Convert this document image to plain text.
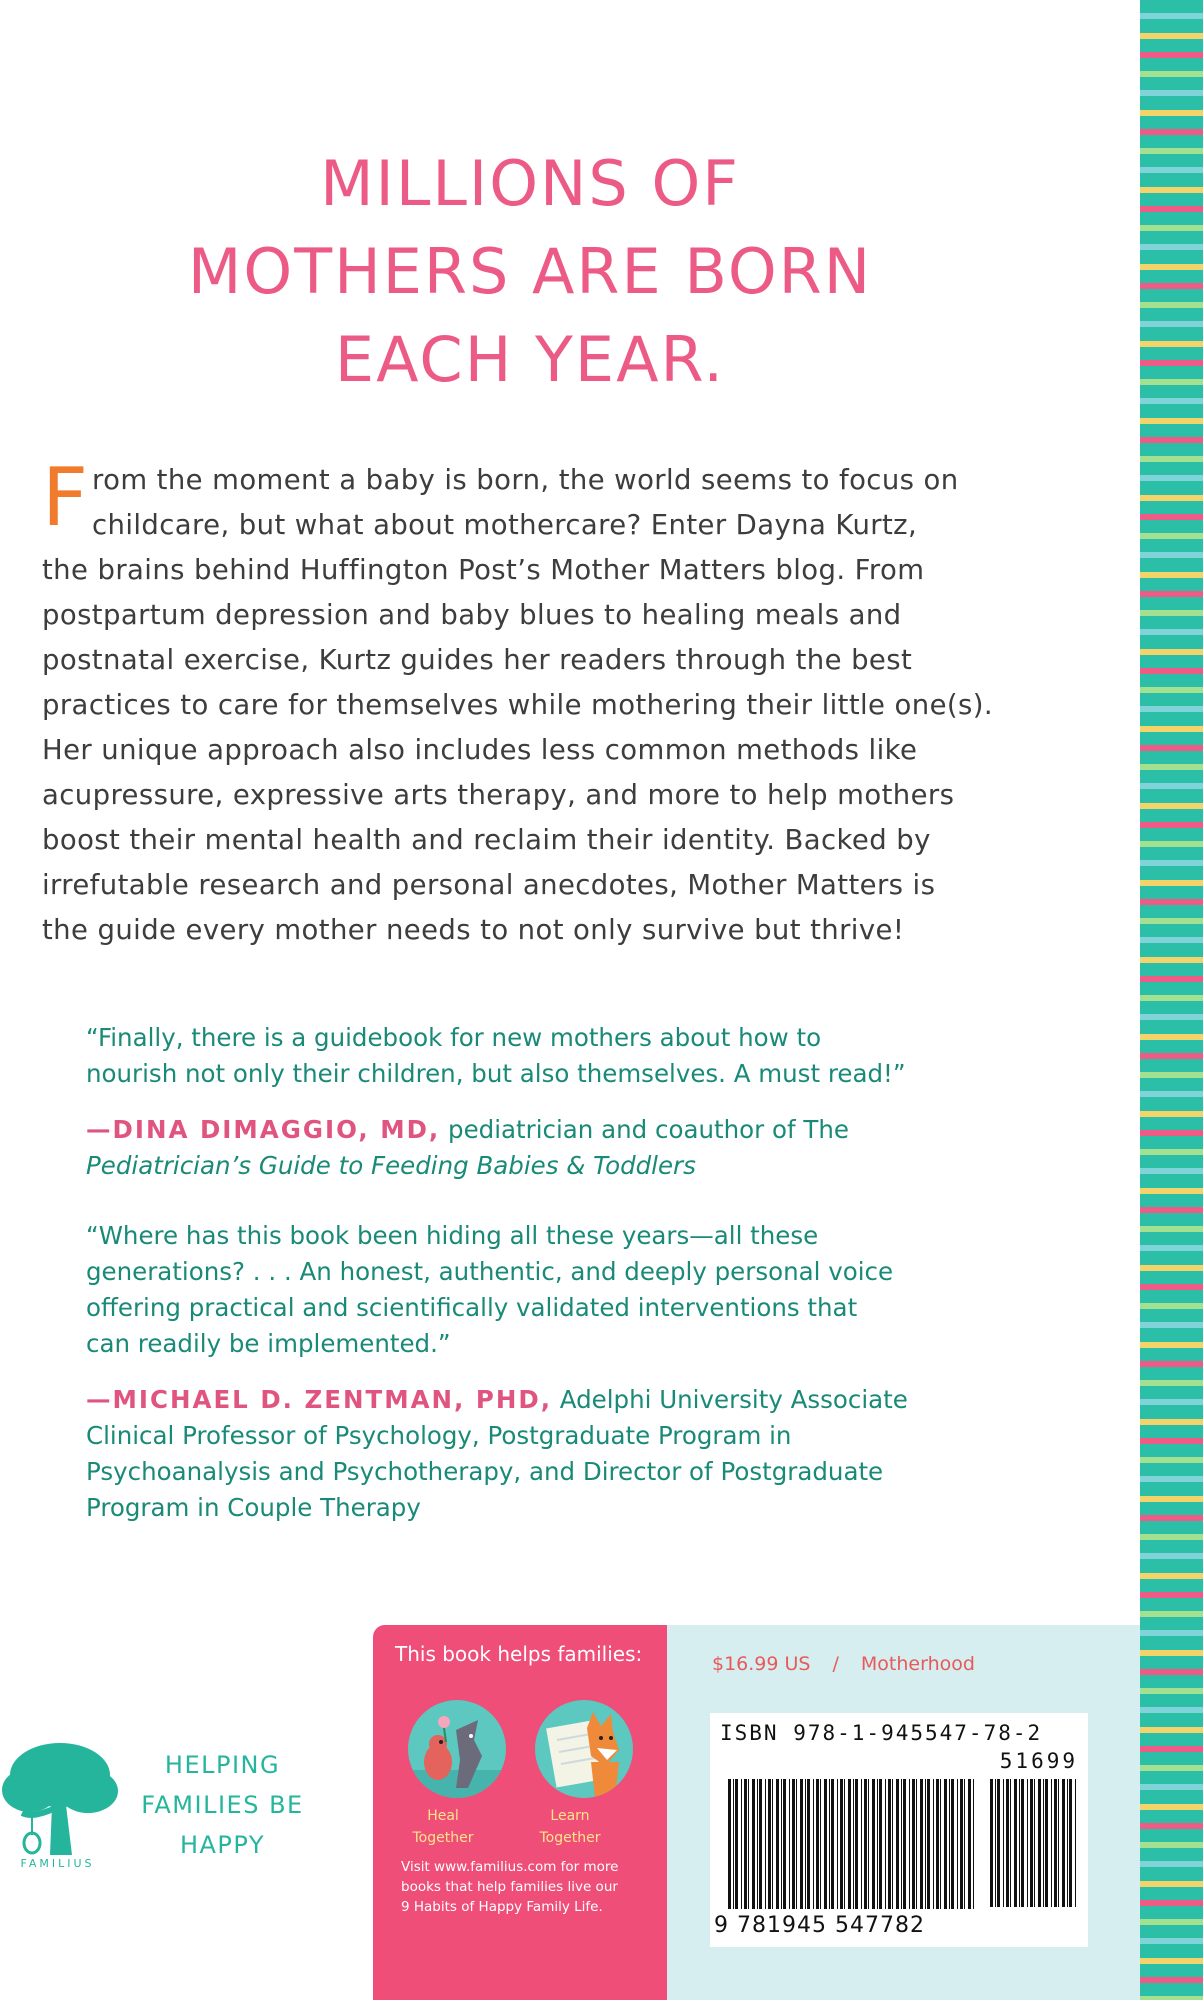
MILLIONS OF
MOTHERS ARE BORN
EACH YEAR.
F rom the moment a baby is born, the world seems to focus on
childcare, but what about mothercare? Enter Dayna Kurtz,
the brains behind Huffington Post’s Mother Matters blog. From
postpartum depression and baby blues to healing meals and
postnatal exercise, Kurtz guides her readers through the best
practices to care for themselves while mothering their little one(s).
Her unique approach also includes less common methods like
acupressure, expressive arts therapy, and more to help mothers
boost their mental health and reclaim their identity. Backed by
irrefutable research and personal anecdotes, Mother Matters is
the guide every mother needs to not only survive but thrive!
“Finally, there is a guidebook for new mothers about how to
nourish not only their children, but also themselves. A must read!”
—DINA DIMAGGIO, MD, pediatrician and coauthor of The
Pediatrician’s Guide to Feeding Babies & Toddlers
“Where has this book been hiding all these years—all these
generations? . . . An honest, authentic, and deeply personal voice
offering practical and scientifically validated interventions that
can readily be implemented.”
—MICHAEL D. ZENTMAN, PHD, Adelphi University Associate
Clinical Professor of Psychology, Postgraduate Program in
Psychoanalysis and Psychotherapy, and Director of Postgraduate
Program in Couple Therapy
FAMILIUS
HELPING
FAMILIES BE
HAPPY
This book helps families:
Heal
Together
Learn
Together
Visit www.familius.com for more
books that help families live our
9 Habits of Happy Family Life.
$16.99 US / Motherhood
ISBN 978-1-945547-78-2
51699
9 781945 547782
